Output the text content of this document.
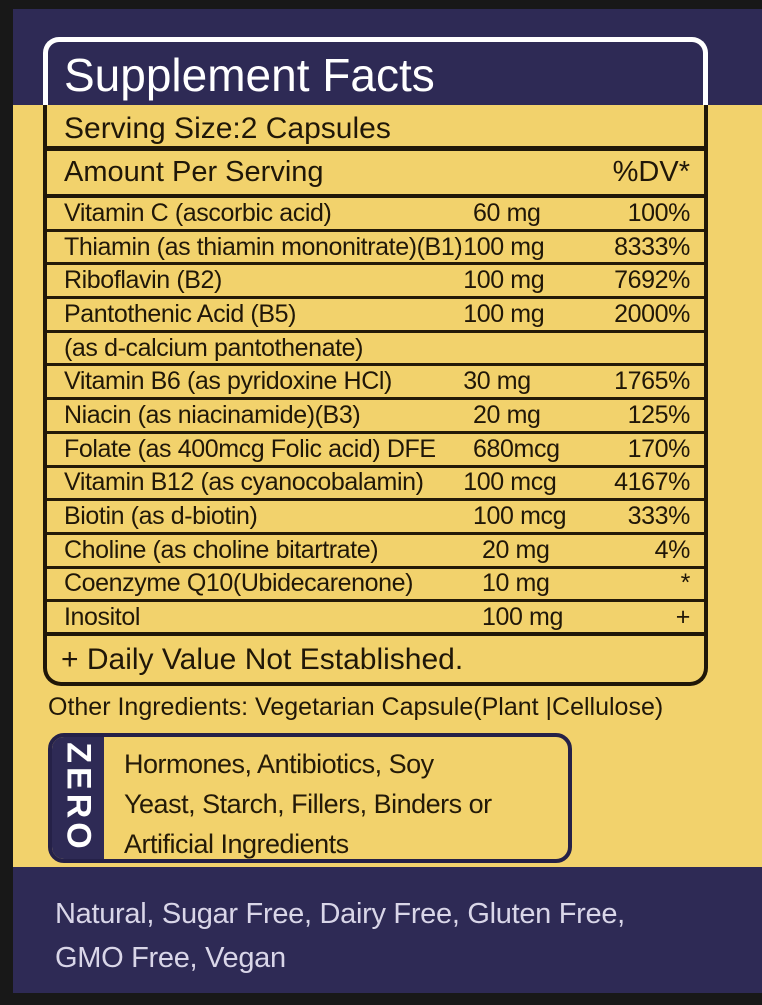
Supplement Facts
Serving Size:2 Capsules
Amount Per Serving	%DV*
Vitamin C (ascorbic acid)	60 mg	100%
Thiamin (as thiamin mononitrate)(B1) 100 mg	8333%
Riboflavin (B2)	100 mg	7692%
Pantothenic Acid (B5)	100 mg	2000%
(as d-calcium pantothenate)
Vitamin B6 (as pyridoxine HCl)	30 mg	1765%
Niacin (as niacinamide)(B3)	20 mg	125%
Folate (as 400mcg Folic acid) DFE	680mcg	170%
Vitamin B12 (as cyanocobalamin)	100 mcg	4167%
Biotin (as d-biotin)	100 mcg	333%
Choline (as choline bitartrate)	20 mg	4%
Coenzyme Q10(Ubidecarenone)	10 mg	*
Inositol	100 mg	+
+ Daily Value Not Established.
Other Ingredients: Vegetarian Capsule(Plant |Cellulose)
ZERO Hormones, Antibiotics, Soy
Yeast, Starch, Fillers, Binders or
Artificial Ingredients
Natural, Sugar Free, Dairy Free, Gluten Free, GMO Free, Vegan
